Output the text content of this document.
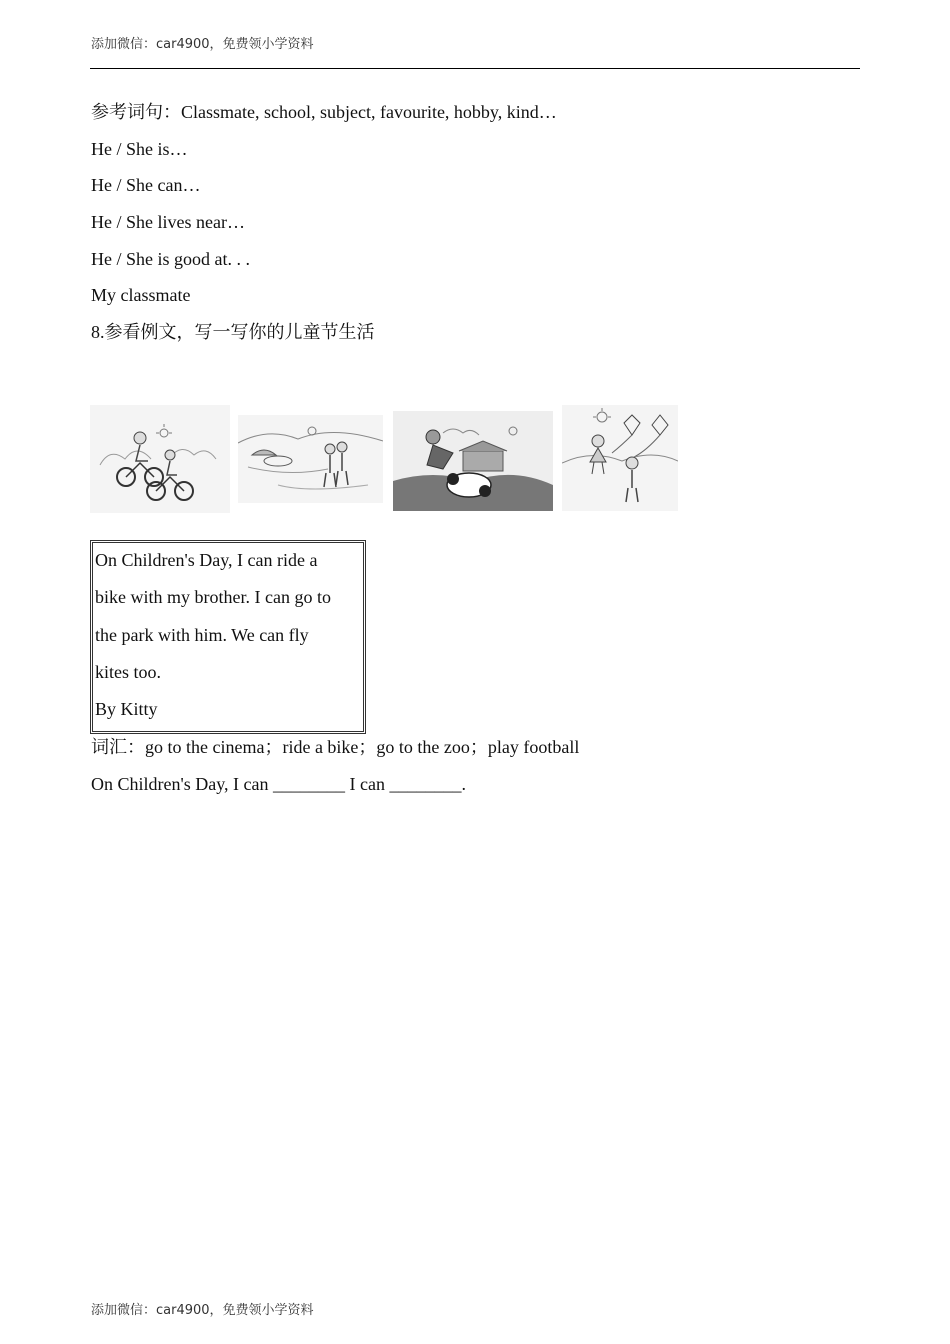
添加微信：car4900，免费领小学资料
参考词句：Classmate, school, subject, favourite, hobby, kind…
He / She is…
He / She can…
He / She lives near…
He / She is good at. . .
My classmate
8.参看例文，写一写你的儿童节生活
On Children's Day, I can ride a
bike with my brother. I can go to
the park with him. We can fly
kites too.
By Kitty
词汇：go to the cinema；ride a bike；go to the zoo；play football
On Children's Day, I can ________ I can ________.
添加微信：car4900，免费领小学资料
